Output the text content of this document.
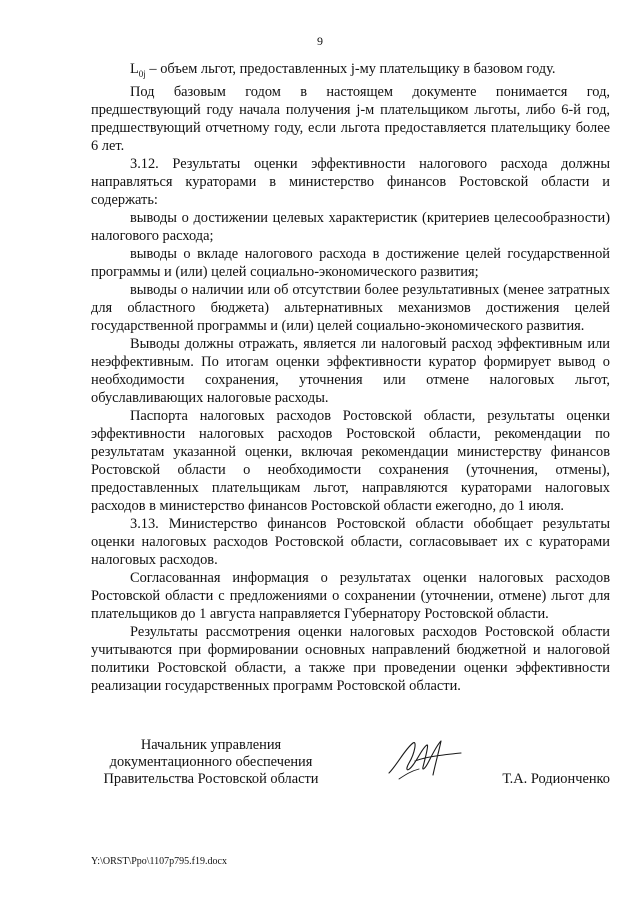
9

$L_{0j}$ – объем льгот, предоставленных j-му плательщику в базовом году.

Под базовым годом в настоящем документе понимается год, предшествующий году начала получения j-м плательщиком льготы, либо 6-й год, предшествующий отчетному году, если льгота предоставляется плательщику более 6 лет.

3.12. Результаты оценки эффективности налогового расхода должны направляться кураторами в министерство финансов Ростовской области и содержать:

выводы о достижении целевых характеристик (критериев целесообразности) налогового расхода;

выводы о вкладе налогового расхода в достижение целей государственной программы и (или) целей социально-экономического развития;

выводы о наличии или об отсутствии более результативных (менее затратных для областного бюджета) альтернативных механизмов достижения целей государственной программы и (или) целей социально-экономического развития.

Выводы должны отражать, является ли налоговый расход эффективным или неэффективным. По итогам оценки эффективности куратор формирует вывод о необходимости сохранения, уточнения или отмене налоговых льгот, обуславливающих налоговые расходы.

Паспорта налоговых расходов Ростовской области, результаты оценки эффективности налоговых расходов Ростовской области, рекомендации по результатам указанной оценки, включая рекомендации министерству финансов Ростовской области о необходимости сохранения (уточнения, отмены), предоставленных плательщикам льгот, направляются кураторами налоговых расходов в министерство финансов Ростовской области ежегодно, до 1 июля.

3.13. Министерство финансов Ростовской области обобщает результаты оценки налоговых расходов Ростовской области, согласовывает их с кураторами налоговых расходов.

Согласованная информация о результатах оценки налоговых расходов Ростовской области с предложениями о сохранении (уточнении, отмене) льгот для плательщиков до 1 августа направляется Губернатору Ростовской области.

Результаты рассмотрения оценки налоговых расходов Ростовской области учитываются при формировании основных направлений бюджетной и налоговой политики Ростовской области, а также при проведении оценки эффективности реализации государственных программ Ростовской области.

Начальник управления
документационного обеспечения
Правительства Ростовской области	Т.А. Родионченко
Y:\ORST\Ppo\1107p795.f19.docx
